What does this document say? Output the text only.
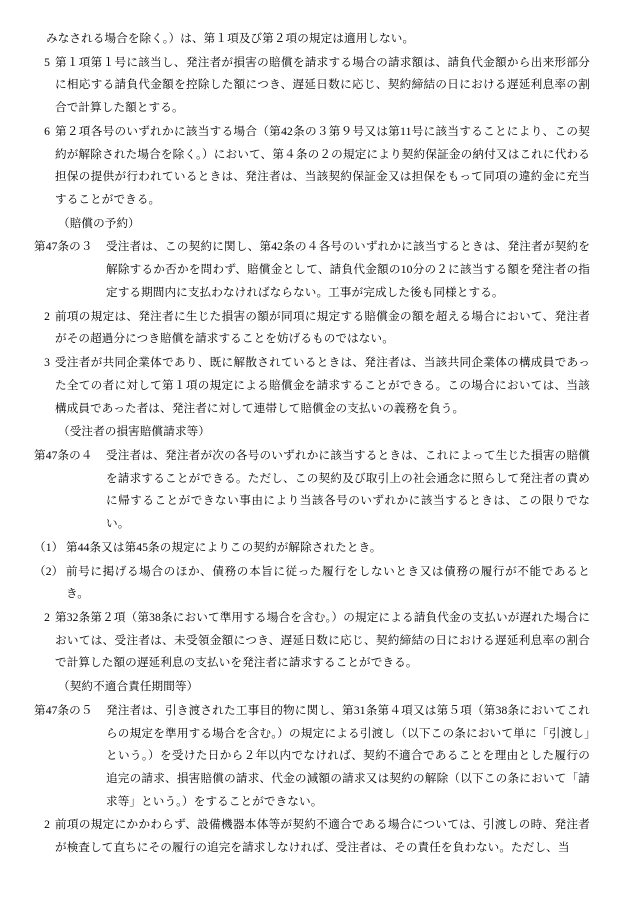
みなされる場合を除く。）は、第１項及び第２項の規定は適用しない。
5 第１項第１号に該当し、発注者が損害の賠償を請求する場合の請求額は、請負代金額から出来形部分に相応する請負代金額を控除した額につき、遅延日数に応じ、契約締結の日における遅延利息率の割合で計算した額とする。
6 第２項各号のいずれかに該当する場合（第42条の３第９号又は第11号に該当することにより、この契約が解除された場合を除く。）において、第４条の２の規定により契約保証金の納付又はこれに代わる担保の提供が行われているときは、発注者は、当該契約保証金又は担保をもって同項の違約金に充当することができる。
（賠償の予約）
第47条の３	受注者は、この契約に関し、第42条の４各号のいずれかに該当するときは、発注者が契約を解除するか否かを問わず、賠償金として、請負代金額の10分の２に該当する額を発注者の指定する期間内に支払わなければならない。工事が完成した後も同様とする。
2 前項の規定は、発注者に生じた損害の額が同項に規定する賠償金の額を超える場合において、発注者がその超過分につき賠償を請求することを妨げるものではない。
3 受注者が共同企業体であり、既に解散されているときは、発注者は、当該共同企業体の構成員であった全ての者に対して第１項の規定による賠償金を請求することができる。この場合においては、当該構成員であった者は、発注者に対して連帯して賠償金の支払いの義務を負う。
（受注者の損害賠償請求等）
第47条の４	受注者は、発注者が次の各号のいずれかに該当するときは、これによって生じた損害の賠償を請求することができる。ただし、この契約及び取引上の社会通念に照らして発注者の責めに帰することができない事由により当該各号のいずれかに該当するときは、この限りでない。
（1） 第44条又は第45条の規定によりこの契約が解除されたとき。
（2） 前号に掲げる場合のほか、債務の本旨に従った履行をしないとき又は債務の履行が不能であるとき。
2 第32条第２項（第38条において準用する場合を含む。）の規定による請負代金の支払いが遅れた場合においては、受注者は、未受領金額につき、遅延日数に応じ、契約締結の日における遅延利息率の割合で計算した額の遅延利息の支払いを発注者に請求することができる。
（契約不適合責任期間等）
第47条の５	発注者は、引き渡された工事目的物に関し、第31条第４項又は第５項（第38条においてこれらの規定を準用する場合を含む。）の規定による引渡し（以下この条において単に「引渡し」という。）を受けた日から２年以内でなければ、契約不適合であることを理由とした履行の追完の請求、損害賠償の請求、代金の減額の請求又は契約の解除（以下この条において「請求等」という。）をすることができない。
2 前項の規定にかかわらず、設備機器本体等が契約不適合である場合については、引渡しの時、発注者が検査して直ちにその履行の追完を請求しなければ、受注者は、その責任を負わない。ただし、当
